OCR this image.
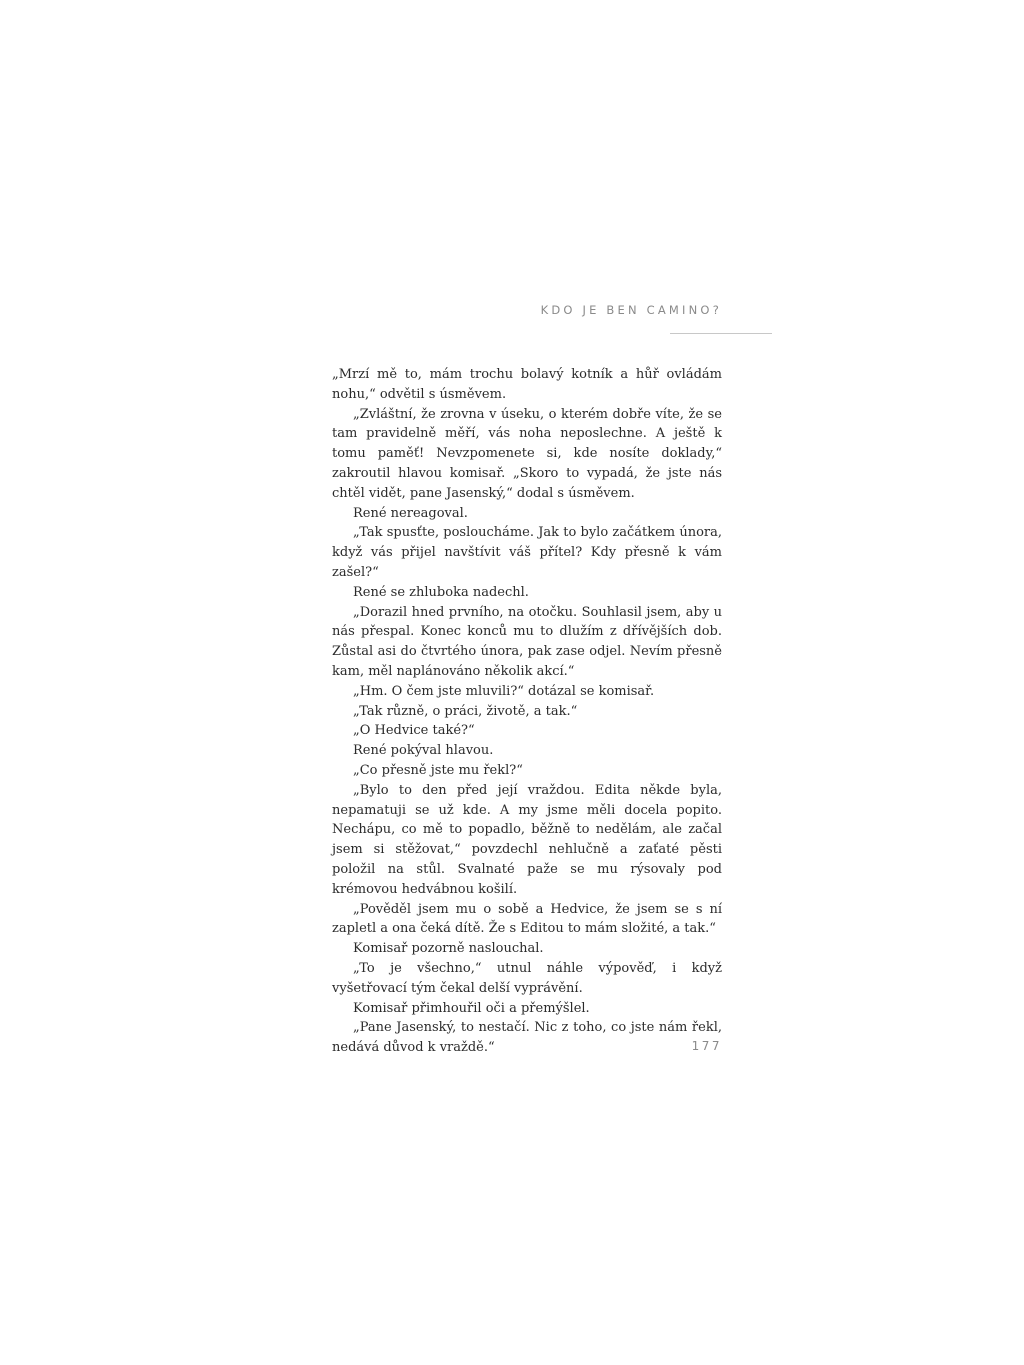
KDO JE BEN CAMINO?

„Mrzí mě to, mám trochu bolavý kotník a hůř ovládám nohu,“ odvětil s úsměvem.

„Zvláštní, že zrovna v úseku, o kterém dobře víte, že se tam pravidelně měří, vás noha neposlechne. A ještě k tomu paměť! Nevzpomenete si, kde nosíte doklady,“ zakroutil hlavou komisař. „Skoro to vypadá, že jste nás chtěl vidět, pane Jasenský,“ dodal s úsměvem.

René nereagoval.

„Tak spusťte, posloucháme. Jak to bylo začátkem února, když vás přijel navštívit váš přítel? Kdy přesně k vám zašel?“

René se zhluboka nadechl.

„Dorazil hned prvního, na otočku. Souhlasil jsem, aby u nás přespal. Konec konců mu to dlužím z dřívějších dob. Zůstal asi do čtvrtého února, pak zase odjel. Nevím přesně kam, měl naplánováno několik akcí.“

„Hm. O čem jste mluvili?“ dotázal se komisař.

„Tak různě, o práci, životě, a tak.“

„O Hedvice také?“

René pokýval hlavou.

„Co přesně jste mu řekl?“

„Bylo to den před její vraždou. Edita někde byla, nepamatuji se už kde. A my jsme měli docela popito. Nechápu, co mě to popadlo, běžně to nedělám, ale začal jsem si stěžovat,“ povzdechl nehlučně a zaťaté pěsti položil na stůl. Svalnaté paže se mu rýsovaly pod krémovou hedvábnou košilí.

„Pověděl jsem mu o sobě a Hedvice, že jsem se s ní zapletl a ona čeká dítě. Že s Editou to mám složité, a tak.“

Komisař pozorně naslouchal.

„To je všechno,“ utnul náhle výpověď, i když vyšetřovací tým čekal delší vyprávění.

Komisař přimhouřil oči a přemýšlel.

„Pane Jasenský, to nestačí. Nic z toho, co jste nám řekl, nedává důvod k vraždě.“	177
